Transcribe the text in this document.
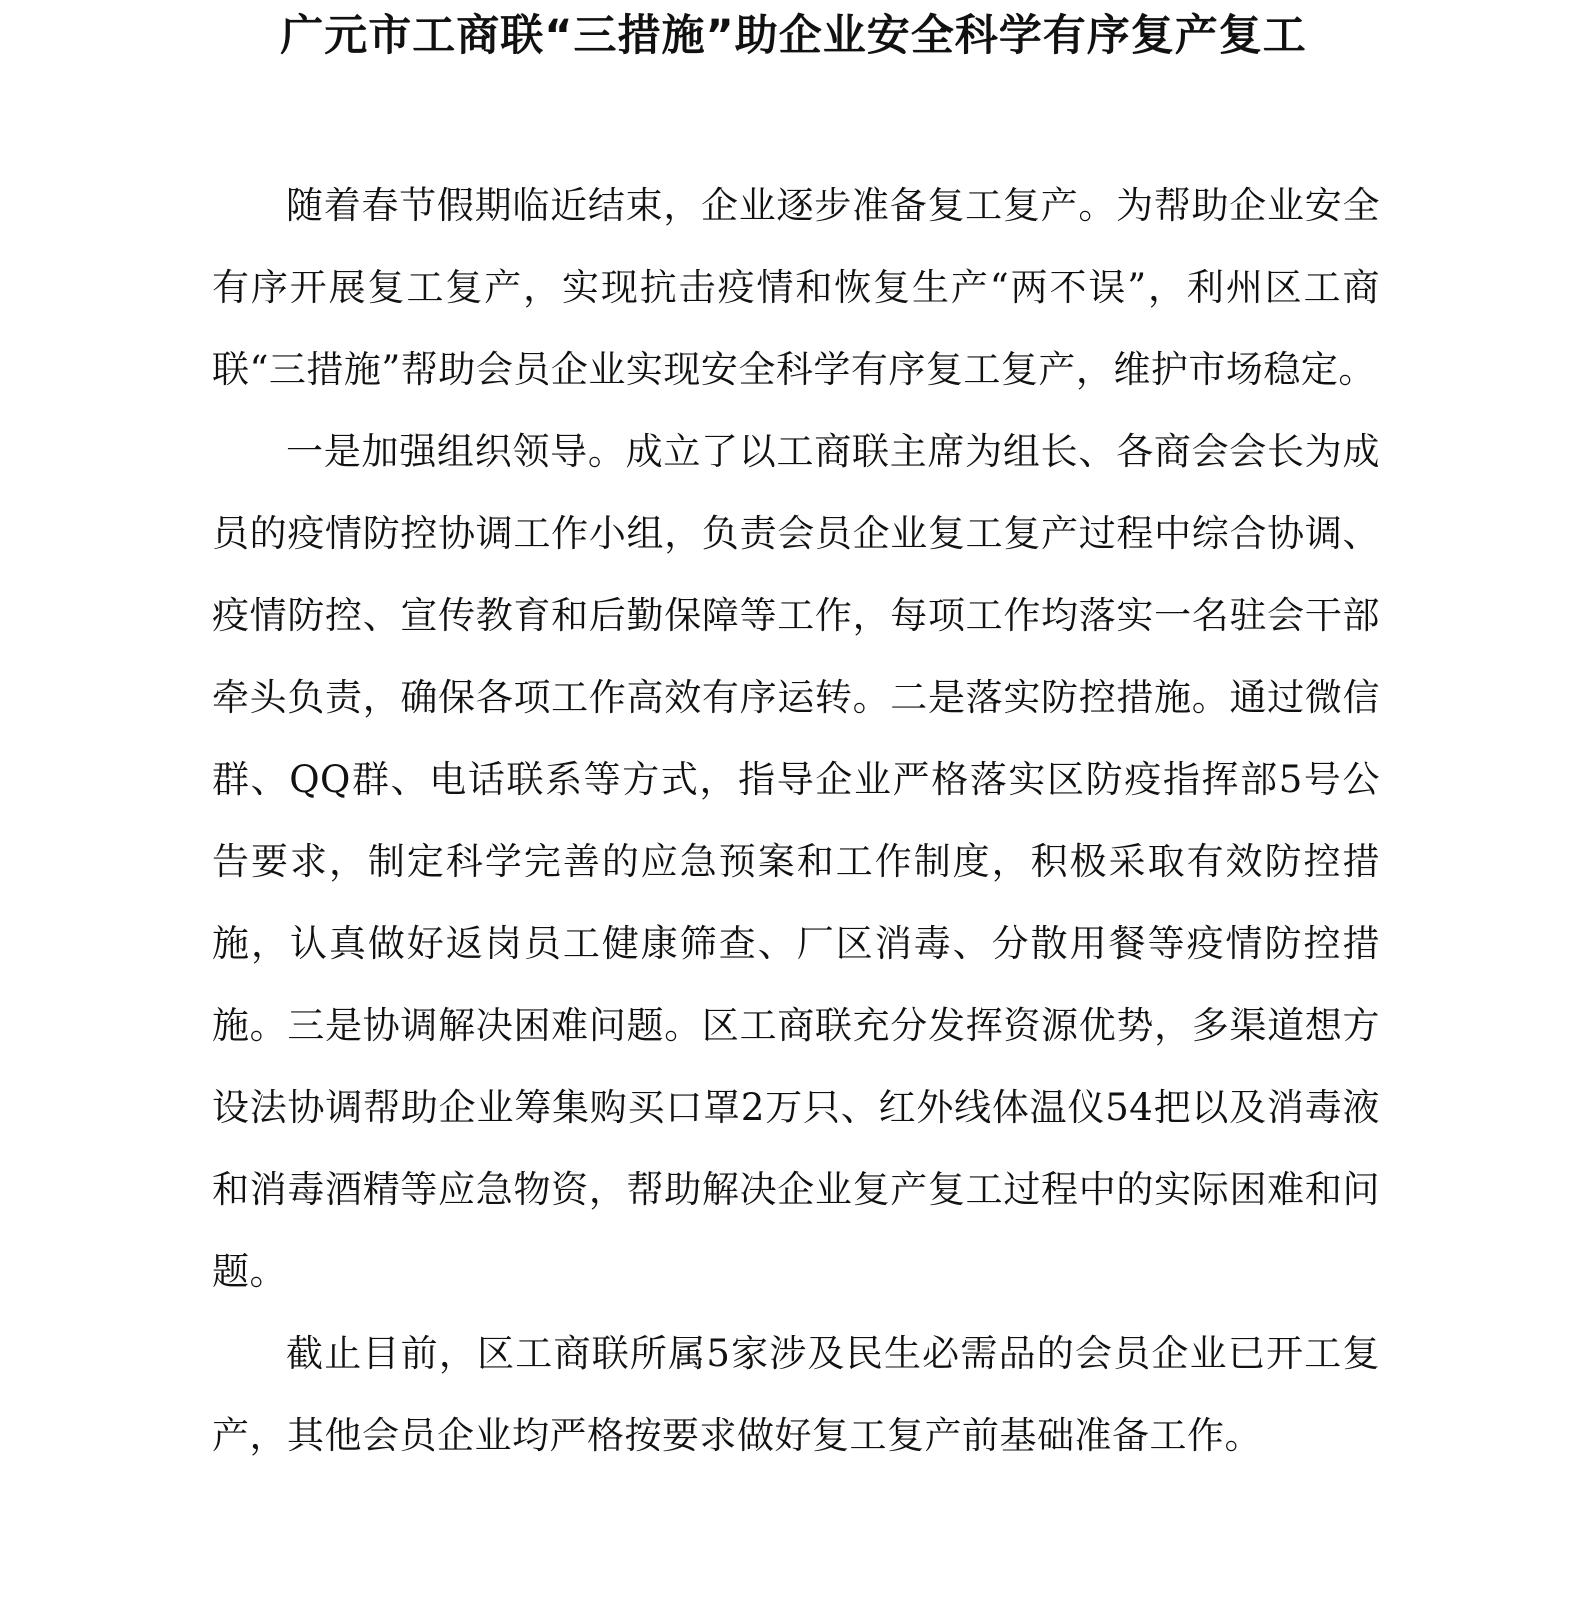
广元市工商联“三措施”助企业安全科学有序复产复工

随着春节假期临近结束，企业逐步准备复工复产。为帮助企业安全有序开展复工复产，实现抗击疫情和恢复生产“两不误”，利州区工商联“三措施”帮助会员企业实现安全科学有序复工复产，维护市场稳定。

一是加强组织领导。成立了以工商联主席为组长、各商会会长为成员的疫情防控协调工作小组，负责会员企业复工复产过程中综合协调、疫情防控、宣传教育和后勤保障等工作，每项工作均落实一名驻会干部牵头负责，确保各项工作高效有序运转。二是落实防控措施。通过微信群、QQ群、电话联系等方式，指导企业严格落实区防疫指挥部5号公告要求，制定科学完善的应急预案和工作制度，积极采取有效防控措施，认真做好返岗员工健康筛查、厂区消毒、分散用餐等疫情防控措施。三是协调解决困难问题。区工商联充分发挥资源优势，多渠道想方设法协调帮助企业筹集购买口罩2万只、红外线体温仪54把以及消毒液和消毒酒精等应急物资，帮助解决企业复产复工过程中的实际困难和问题。

截止目前，区工商联所属5家涉及民生必需品的会员企业已开工复产，其他会员企业均严格按要求做好复工复产前基础准备工作。
